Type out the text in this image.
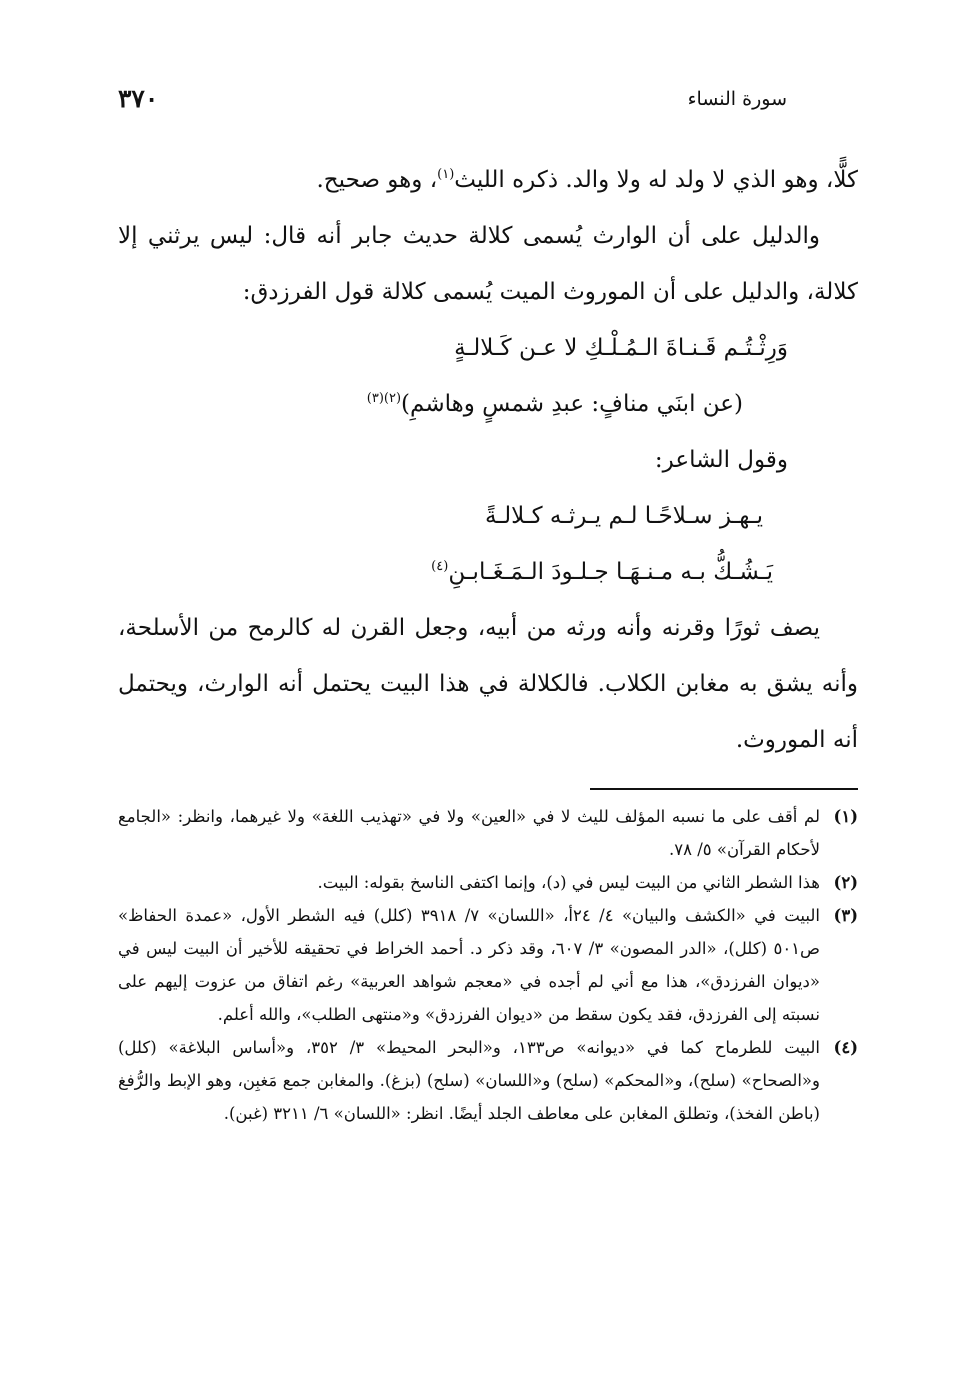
سورة النساء
٣٧٠

كلًّا، وهو الذي لا ولد له ولا والد. ذكره الليث$^{(١)}$، وهو صحيح.

والدليل على أن الوارث يُسمى كلالة حديث جابر أنه قال: ليس يرثني إلا كلالة، والدليل على أن الموروث الميت يُسمى كلالة قول الفرزدق:

وَرِثْـتُـم قَـنـاةَ الـمُـلْـكِ لا عـن كَـلالـةٍ

(عن ابنَي منافٍ: عبدِ شمسٍ وهاشمِ)$^{(٢)(٣)}$

وقول الشاعر:

يـهـز سـلاحًـا لـم يـرثـه كـلالـةً

يَـشُـكُّ بـه مـنـهَـا جـلـودَ الـمَـغَـابـنِ$^{(٤)}$

يصف ثورًا وقرنه وأنه ورثه من أبيه، وجعل القرن له كالرمح من الأسلحة، وأنه يشق به مغابن الكلاب. فالكلالة في هذا البيت يحتمل أنه الوارث، ويحتمل أنه الموروث.

(١)
لم أقف على ما نسبه المؤلف لليث لا في «العين» ولا في «تهذيب اللغة» ولا غيرهما، وانظر: «الجامع لأحكام القرآن» ٥/ ٧٨.

(٢)
هذا الشطر الثاني من البيت ليس في (د)، وإنما اكتفى الناسخ بقوله: البيت.

(٣)
البيت في «الكشف والبيان» ٤/ ٢٤أ، «اللسان» ٧/ ٣٩١٨ (كلل) فيه الشطر الأول، «عمدة الحفاظ» ص٥٠١ (كلل)، «الدر المصون» ٣/ ٦٠٧، وقد ذكر د. أحمد الخراط في تحقيقه للأخير أن البيت ليس في «ديوان الفرزدق»، هذا مع أني لم أجده في «معجم شواهد العربية» رغم اتفاق من عزوت إليهم على نسبته إلى الفرزدق، فقد يكون سقط من «ديوان الفرزدق» و«منتهى الطلب»، والله أعلم.

(٤)
البيت للطرماح كما في «ديوانه» ص١٣٣، و«البحر المحيط» ٣/ ٣٥٢، و«أساس البلاغة» (كلل) و«الصحاح» (سلح)، و«المحكم» (سلح) و«اللسان» (سلح) (بزغ). والمغابن جمع مَغبِن، وهو الإبط والرُّفغ (باطن الفخذ)، وتطلق المغابن على معاطف الجلد أيضًا. انظر: «اللسان» ٦/ ٣٢١١ (غبن).
